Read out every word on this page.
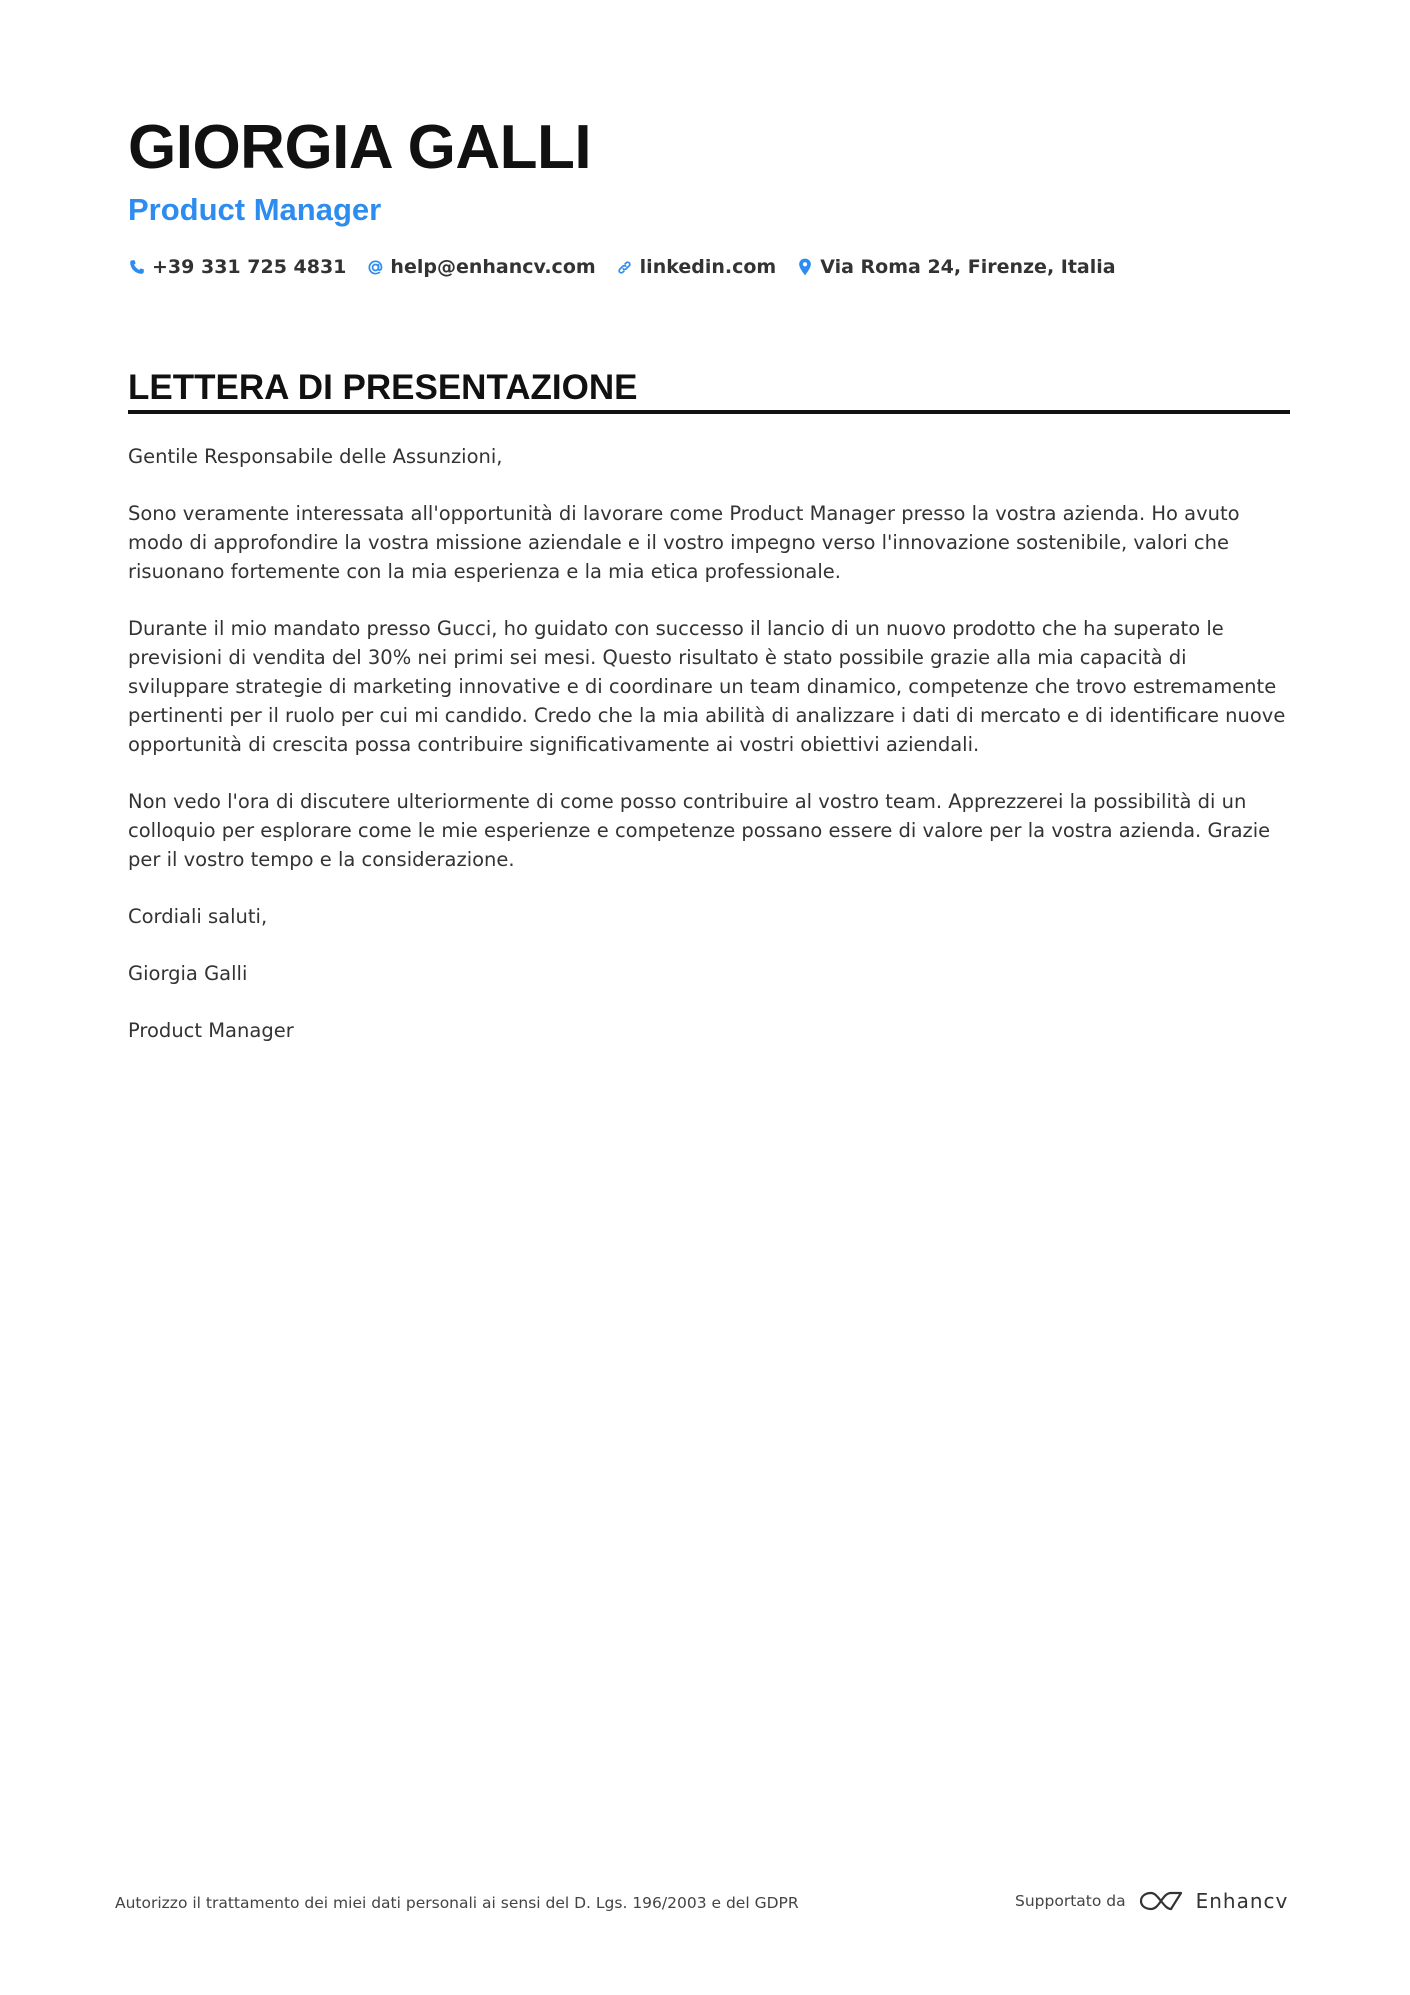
GIORGIA GALLI
Product Manager
+39 331 725 4831 help@enhancv.com linkedin.com Via Roma 24, Firenze, Italia
LETTERA DI PRESENTAZIONE

Gentile Responsabile delle Assunzioni,

Sono veramente interessata all'opportunità di lavorare come Product Manager presso la vostra azienda. Ho avuto modo di approfondire la vostra missione aziendale e il vostro impegno verso l'innovazione sostenibile, valori che risuonano fortemente con la mia esperienza e la mia etica professionale.

Durante il mio mandato presso Gucci, ho guidato con successo il lancio di un nuovo prodotto che ha superato le previsioni di vendita del 30% nei primi sei mesi. Questo risultato è stato possibile grazie alla mia capacità di sviluppare strategie di marketing innovative e di coordinare un team dinamico, competenze che trovo estremamente pertinenti per il ruolo per cui mi candido. Credo che la mia abilità di analizzare i dati di mercato e di identificare nuove opportunità di crescita possa contribuire significativamente ai vostri obiettivi aziendali.

Non vedo l'ora di discutere ulteriormente di come posso contribuire al vostro team. Apprezzerei la possibilità di un colloquio per esplorare come le mie esperienze e competenze possano essere di valore per la vostra azienda. Grazie per il vostro tempo e la considerazione.

Cordiali saluti,

Giorgia Galli

Product Manager

Autorizzo il trattamento dei miei dati personali ai sensi del D. Lgs. 196/2003 e del GDPR	Supportato da	Enhancv
